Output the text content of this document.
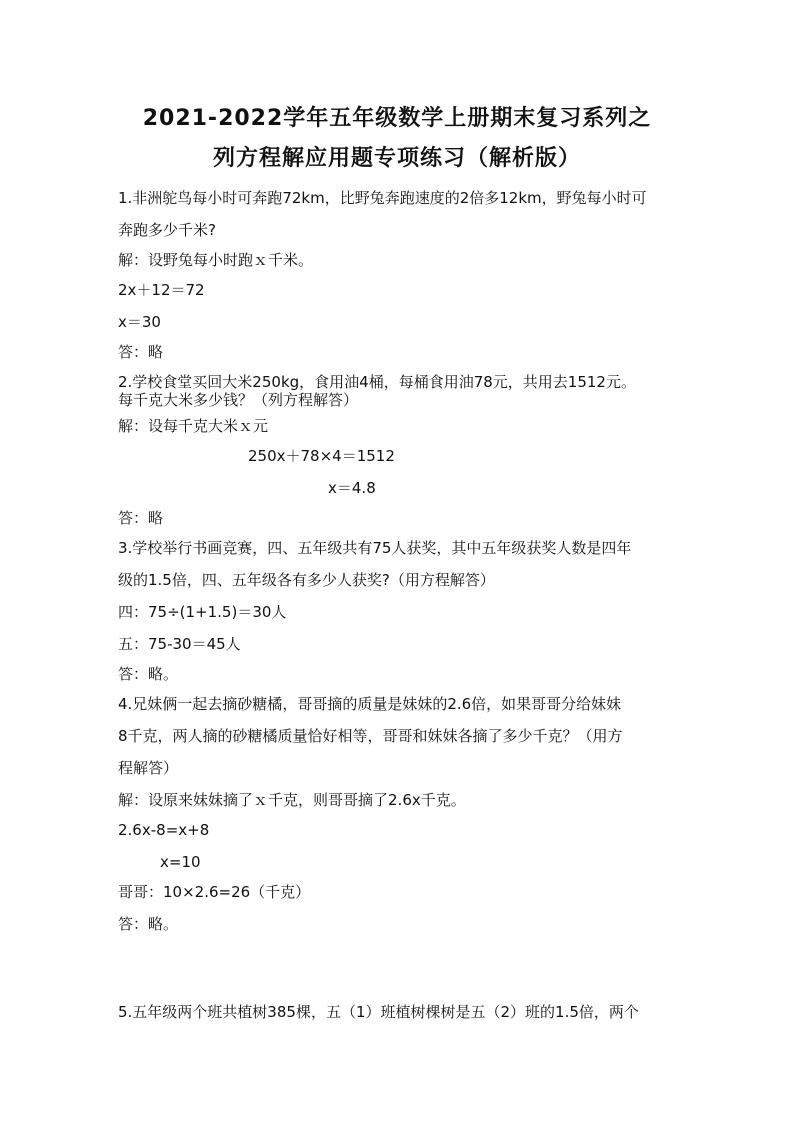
2021-2022学年五年级数学上册期末复习系列之
列方程解应用题专项练习（解析版）

1.非洲鸵鸟每小时可奔跑72km，比野兔奔跑速度的2倍多12km，野兔每小时可

奔跑多少千米?

解：设野兔每小时跑ｘ千米。

2x＋12＝72

x＝30

答：略

2.学校食堂买回大米250kg，食用油4桶，每桶食用油78元，共用去1512元。

每千克大米多少钱？（列方程解答）

解：设每千克大米ｘ元

250x＋78×4＝1512

x＝4.8

答：略

3.学校举行书画竞赛，四、五年级共有75人获奖，其中五年级获奖人数是四年

级的1.5倍，四、五年级各有多少人获奖?（用方程解答）

四：75÷(1+1.5)＝30人

五：75-30＝45人

答：略。

4.兄妹俩一起去摘砂糖橘，哥哥摘的质量是妹妹的2.6倍，如果哥哥分给妹妹

8千克，两人摘的砂糖橘质量恰好相等，哥哥和妹妹各摘了多少千克？（用方

程解答）

解：设原来妹妹摘了ｘ千克，则哥哥摘了2.6x千克。

2.6x-8=x+8

x=10

哥哥：10×2.6=26（千克）

答：略。

5.五年级两个班共植树385棵，五（1）班植树棵树是五（2）班的1.5倍，两个
